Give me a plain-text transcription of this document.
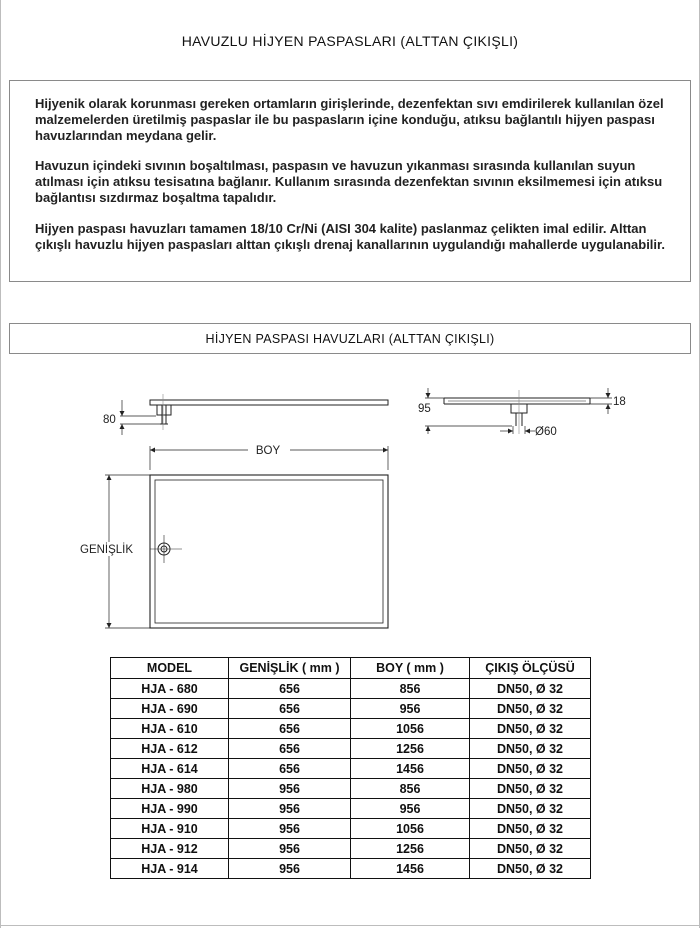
HAVUZLU HİJYEN PASPASLARI (ALTTAN ÇIKIŞLI)

Hijyenik olarak korunması gereken ortamların girişlerinde, dezenfektan sıvı emdirilerek kullanılan özel malzemelerden üretilmiş paspaslar ile bu paspasların içine konduğu, atıksu bağlantılı hijyen paspası havuzlarından meydana gelir.

Havuzun içindeki sıvının boşaltılması, paspasın ve havuzun yıkanması sırasında kullanılan suyun atılması için atıksu tesisatına bağlanır. Kullanım sırasında dezenfektan sıvının eksilmemesi için atıksu bağlantısı sızdırmaz boşaltma tapalıdır.

Hijyen paspası havuzları tamamen 18/10 Cr/Ni (AISI 304 kalite) paslanmaz çelikten imal edilir. Alttan çıkışlı havuzlu hijyen paspasları alttan çıkışlı drenaj kanallarının uygulandığı mahallerde uygulanabilir.

HİJYEN PASPASI HAVUZLARI (ALTTAN ÇIKIŞLI)
80
95
18
Ø60
BOY
GENİŞLİK
MODEL	GENİŞLİK ( mm )	BOY ( mm )	ÇIKIŞ ÖLÇÜSÜ
HJA - 680	656	856	DN50, Ø 32
HJA - 690	656	956	DN50, Ø 32
HJA - 610	656	1056	DN50, Ø 32
HJA - 612	656	1256	DN50, Ø 32
HJA - 614	656	1456	DN50, Ø 32
HJA - 980	956	856	DN50, Ø 32
HJA - 990	956	956	DN50, Ø 32
HJA - 910	956	1056	DN50, Ø 32
HJA - 912	956	1256	DN50, Ø 32
HJA - 914	956	1456	DN50, Ø 32
